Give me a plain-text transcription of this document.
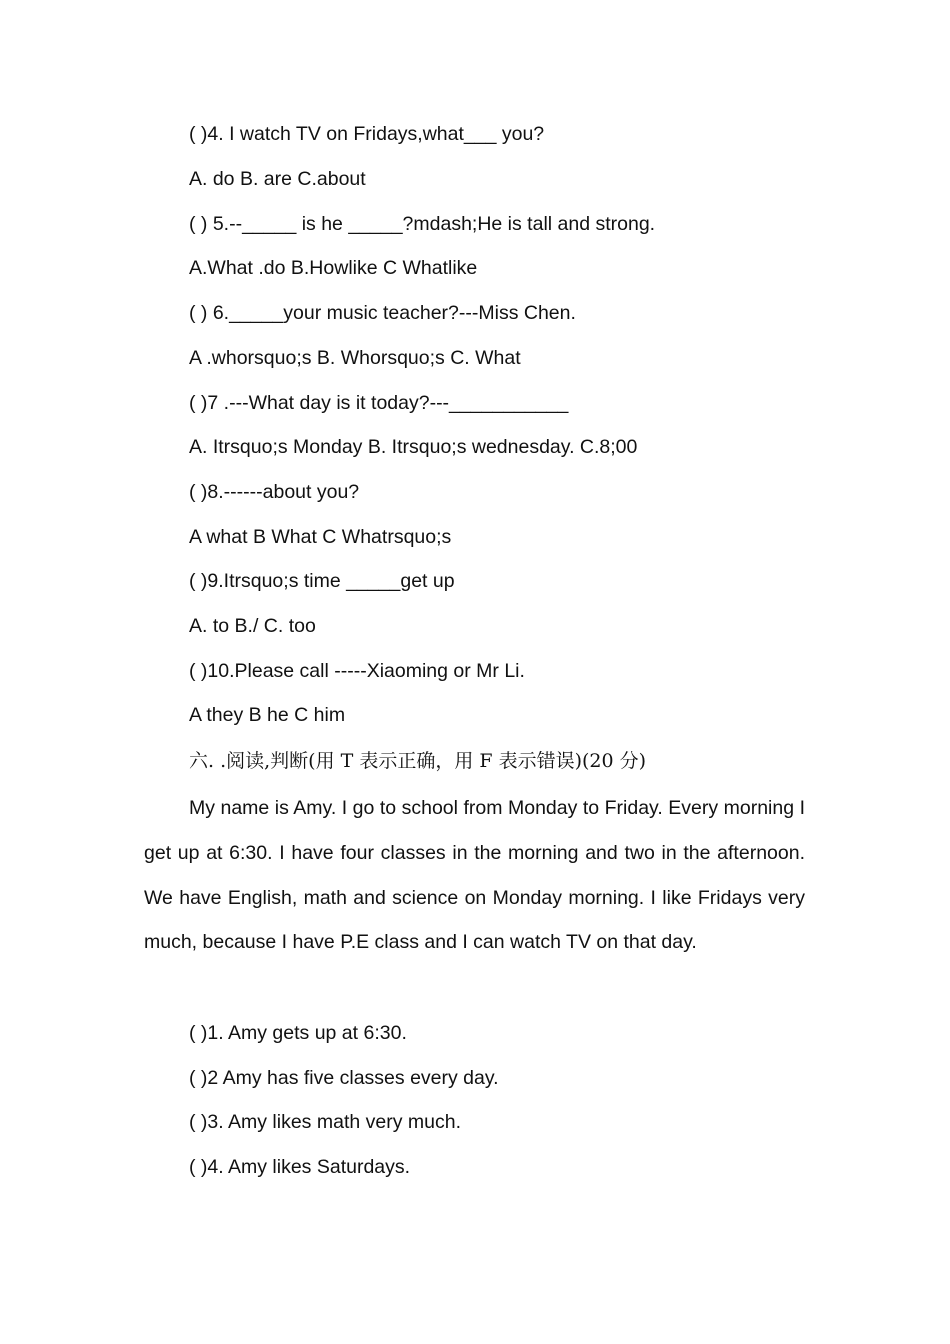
( )4. I watch TV on Fridays,what___ you?
A. do B. are C.about
( ) 5.--_____ is he _____?mdash;He is tall and strong.
A.What .do B.Howlike C Whatlike
( ) 6._____your music teacher?---Miss Chen.
A .whorsquo;s B. Whorsquo;s C. What
( )7 .---What day is it today?---___________
A. Itrsquo;s Monday B. Itrsquo;s wednesday. C.8;00
( )8.------about you?
A what B What C Whatrsquo;s
( )9.Itrsquo;s time _____get up
A. to B./ C. too
( )10.Please call -----Xiaoming or Mr Li.
A they B he C him
六. .阅读,判断(用 T 表示正确，用 F 表示错误)(20 分)
My name is Amy. I go to school from Monday to Friday. Every morning I get up at 6:30. I have four classes in the morning and two in the afternoon. We have English, math and science on Monday morning. I like Fridays very much, because I have P.E class and I can watch TV on that day.
( )1. Amy gets up at 6:30.
( )2 Amy has five classes every day.
( )3. Amy likes math very much.
( )4. Amy likes Saturdays.
